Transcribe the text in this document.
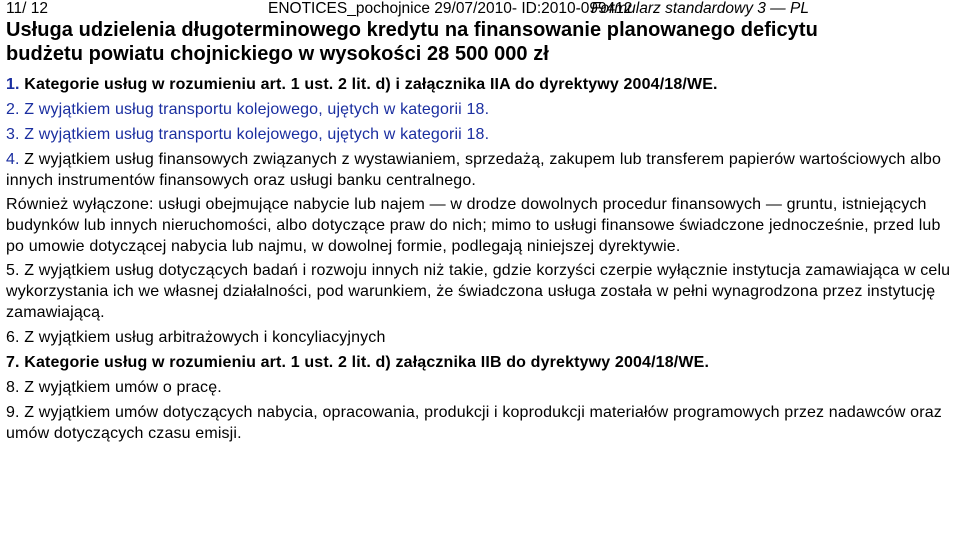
11/ 12	ENOTICES_pochojnice 29/07/2010- ID:2010-099412
Formularz standardowy 3 — PL
Usługa udzielenia długoterminowego kredytu na finansowanie planowanego deficytu
budżetu powiatu chojnickiego w wysokości 28 500 000 zł

1. Kategorie usług w rozumieniu art. 1 ust. 2 lit. d) i załącznika IIA do dyrektywy 2004/18/WE.

2. Z wyjątkiem usług transportu kolejowego, ujętych w kategorii 18.

3. Z wyjątkiem usług transportu kolejowego, ujętych w kategorii 18.

4. Z wyjątkiem usług finansowych związanych z wystawianiem, sprzedażą, zakupem lub transferem papierów wartościowych albo innych instrumentów finansowych oraz usługi banku centralnego.

Również wyłączone: usługi obejmujące nabycie lub najem — w drodze dowolnych procedur finansowych — gruntu, istniejących budynków lub innych nieruchomości, albo dotyczące praw do nich; mimo to usługi finansowe świadczone jednocześnie, przed lub po umowie dotyczącej nabycia lub najmu, w dowolnej formie, podlegają niniejszej dyrektywie.

5. Z wyjątkiem usług dotyczących badań i rozwoju innych niż takie, gdzie korzyści czerpie wyłącznie instytucja zamawiająca w celu wykorzystania ich we własnej działalności, pod warunkiem, że świadczona usługa została w pełni wynagrodzona przez instytucję zamawiającą.

6. Z wyjątkiem usług arbitrażowych i koncyliacyjnych

7. Kategorie usług w rozumieniu art. 1 ust. 2 lit. d) załącznika IIB do dyrektywy 2004/18/WE.

8. Z wyjątkiem umów o pracę.

9. Z wyjątkiem umów dotyczących nabycia, opracowania, produkcji i koprodukcji materiałów programowych przez nadawców oraz umów dotyczących czasu emisji.
